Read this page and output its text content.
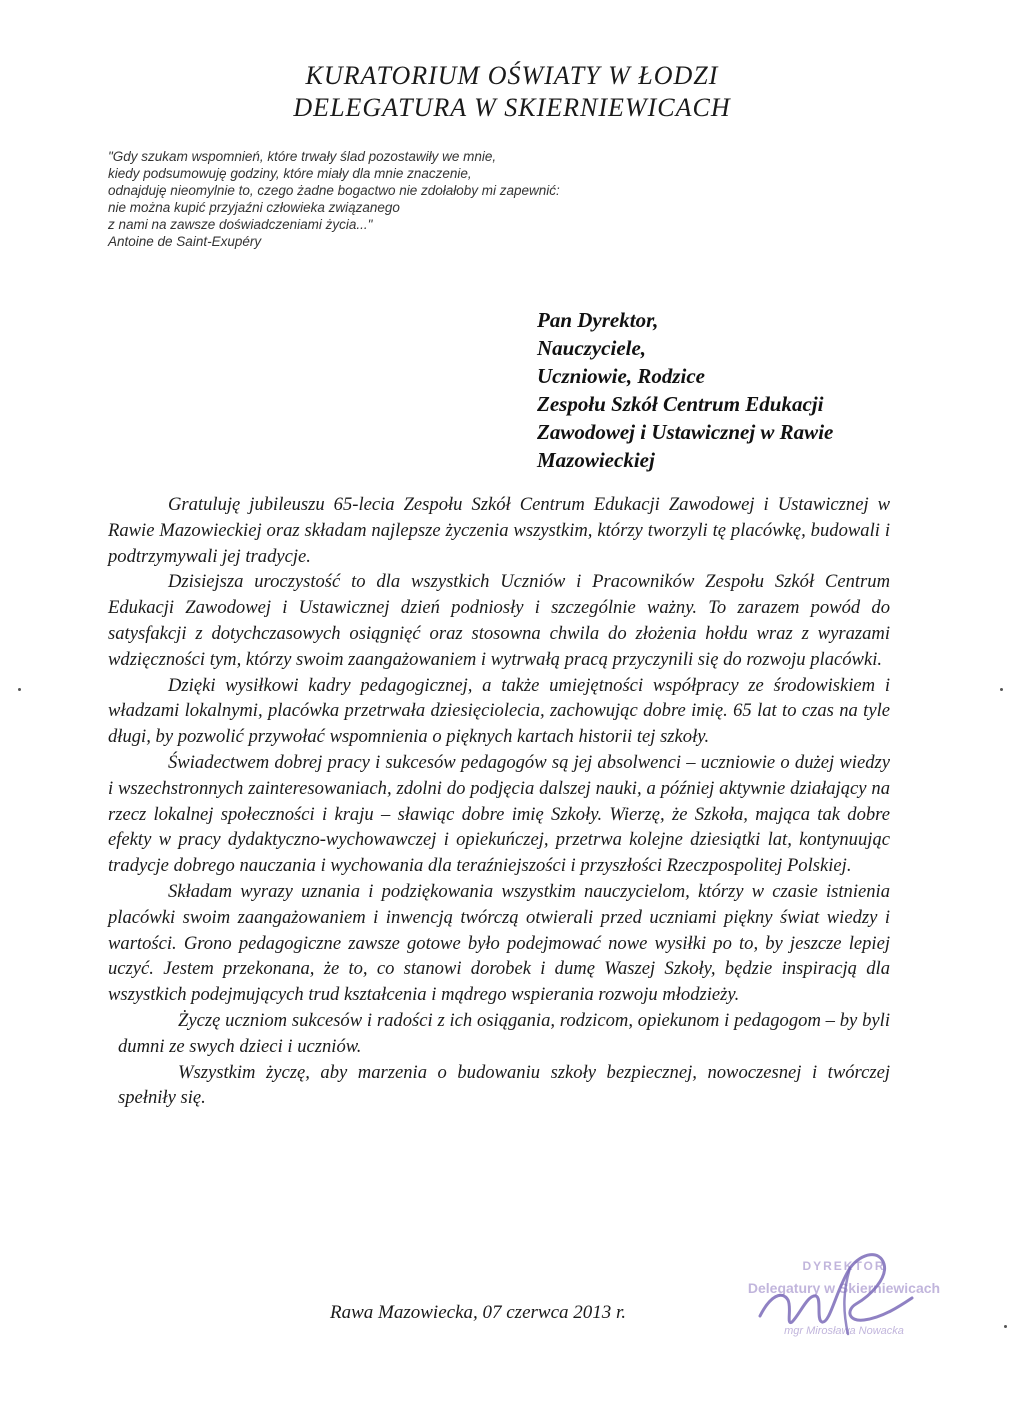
KURATORIUM OŚWIATY W ŁODZI
DELEGATURA W SKIERNIEWICACH
"Gdy szukam wspomnień, które trwały ślad pozostawiły we mnie,
kiedy podsumowuję godziny, które miały dla mnie znaczenie,
odnajduję nieomylnie to, czego żadne bogactwo nie zdołałoby mi zapewnić:
nie można kupić przyjaźni człowieka związanego
z nami na zawsze doświadczeniami życia..."
Antoine de Saint-Exupéry
Pan Dyrektor,
Nauczyciele,
Uczniowie, Rodzice
Zespołu Szkół Centrum Edukacji
Zawodowej i Ustawicznej w Rawie
Mazowieckiej

Gratuluję jubileuszu 65-lecia Zespołu Szkół Centrum Edukacji Zawodowej i Ustawicznej w Rawie Mazowieckiej oraz składam najlepsze życzenia wszystkim, którzy tworzyli tę placówkę, budowali i podtrzymywali jej tradycje.

Dzisiejsza uroczystość to dla wszystkich Uczniów i Pracowników Zespołu Szkół Centrum Edukacji Zawodowej i Ustawicznej dzień podniosły i szczególnie ważny. To zarazem powód do satysfakcji z dotychczasowych osiągnięć oraz stosowna chwila do złożenia hołdu wraz z wyrazami wdzięczności tym, którzy swoim zaangażowaniem i wytrwałą pracą przyczynili się do rozwoju placówki.

Dzięki wysiłkowi kadry pedagogicznej, a także umiejętności współpracy ze środowiskiem i władzami lokalnymi, placówka przetrwała dziesięciolecia, zachowując dobre imię. 65 lat to czas na tyle długi, by pozwolić przywołać wspomnienia o pięknych kartach historii tej szkoły.

Świadectwem dobrej pracy i sukcesów pedagogów są jej absolwenci – uczniowie o dużej wiedzy i wszechstronnych zainteresowaniach, zdolni do podjęcia dalszej nauki, a później aktywnie działający na rzecz lokalnej społeczności i kraju – sławiąc dobre imię Szkoły. Wierzę, że Szkoła, mająca tak dobre efekty w pracy dydaktyczno-wychowawczej i opiekuńczej, przetrwa kolejne dziesiątki lat, kontynuując tradycje dobrego nauczania i wychowania dla teraźniejszości i przyszłości Rzeczpospolitej Polskiej.

Składam wyrazy uznania i podziękowania wszystkim nauczycielom, którzy w czasie istnienia placówki swoim zaangażowaniem i inwencją twórczą otwierali przed uczniami piękny świat wiedzy i wartości. Grono pedagogiczne zawsze gotowe było podejmować nowe wysiłki po to, by jeszcze lepiej uczyć. Jestem przekonana, że to, co stanowi dorobek i dumę Waszej Szkoły, będzie inspiracją dla wszystkich podejmujących trud kształcenia i mądrego wspierania rozwoju młodzieży.

Życzę uczniom sukcesów i radości z ich osiągania, rodzicom, opiekunom i pedagogom – by byli dumni ze swych dzieci i uczniów.

Wszystkim życzę, aby marzenia o budowaniu szkoły bezpiecznej, nowoczesnej i twórczej spełniły się.

Rawa Mazowiecka, 07 czerwca 2013 r.
DYREKTOR
Delegatury w Skierniewicach
mgr Mirosława Nowacka
